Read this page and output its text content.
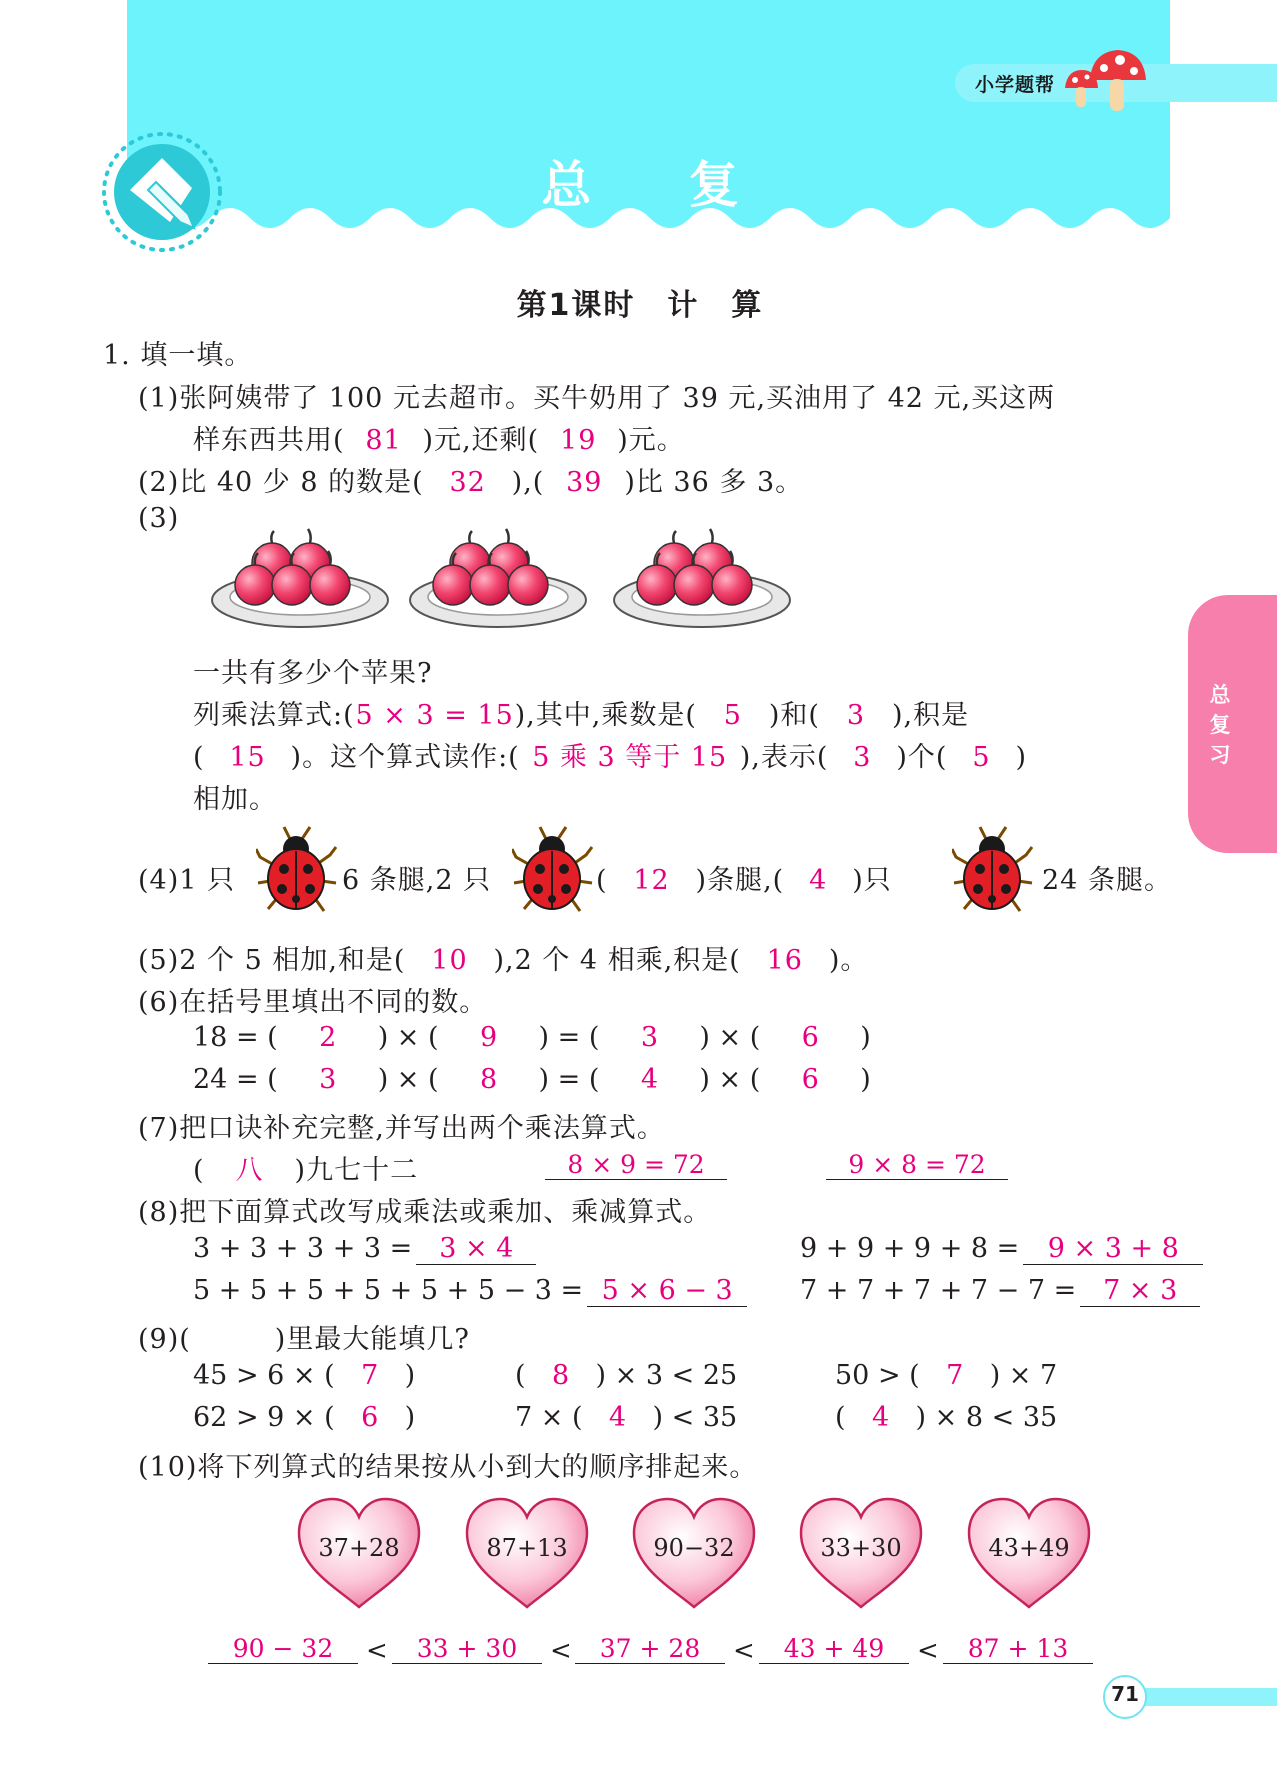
小学题帮
总 复 习
第1课时　计　算
总复习
1. 填一填。
(1)张阿姨带了 100 元去超市。买牛奶用了 39 元,买油用了 42 元,买这两
样东西共用( 81 )元,还剩( 19 )元。
(2)比 40 少 8 的数是( 32 ),( 39 )比 36 多 3。
(3)
一共有多少个苹果?
列乘法算式:(5 × 3 = 15),其中,乘数是( 5 )和( 3 ),积是
( 15 )。这个算式读作:( 5 乘 3 等于 15 ),表示( 3 )个( 5 )
相加。
(4)1 只	6 条腿,2 只	( 12 )条腿,( 4 )只	24 条腿。
(5)2 个 5 相加,和是( 10 ),2 个 4 相乘,积是( 16 )。
(6)在括号里填出不同的数。
18 = ( 2 ) × ( 9 ) = ( 3 ) × ( 6 )
24 = ( 3 ) × ( 8 ) = ( 4 ) × ( 6 )
(7)把口诀补充完整,并写出两个乘法算式。
( 八 )九七十二	8 × 9 = 72	9 × 8 = 72
(8)把下面算式改写成乘法或乘加、乘减算式。
3 + 3 + 3 + 3 = 3 × 4	9 + 9 + 9 + 8 = 9 × 3 + 8
5 + 5 + 5 + 5 + 5 + 5 − 3 = 5 × 6 − 3	7 + 7 + 7 + 7 − 7 = 7 × 3
(9)(　　　)里最大能填几?
45 > 6 × ( 7 )	( 8 ) × 3 < 25	50 > ( 7 ) × 7
62 > 9 × ( 6 )	7 × ( 4 ) < 35	( 4 ) × 8 < 35
(10)将下列算式的结果按从小到大的顺序排起来。
37+28	87+13	90−32	33+30	43+49
90 − 32	<	33 + 30	<	37 + 28	<	43 + 49	<	87 + 13
71
